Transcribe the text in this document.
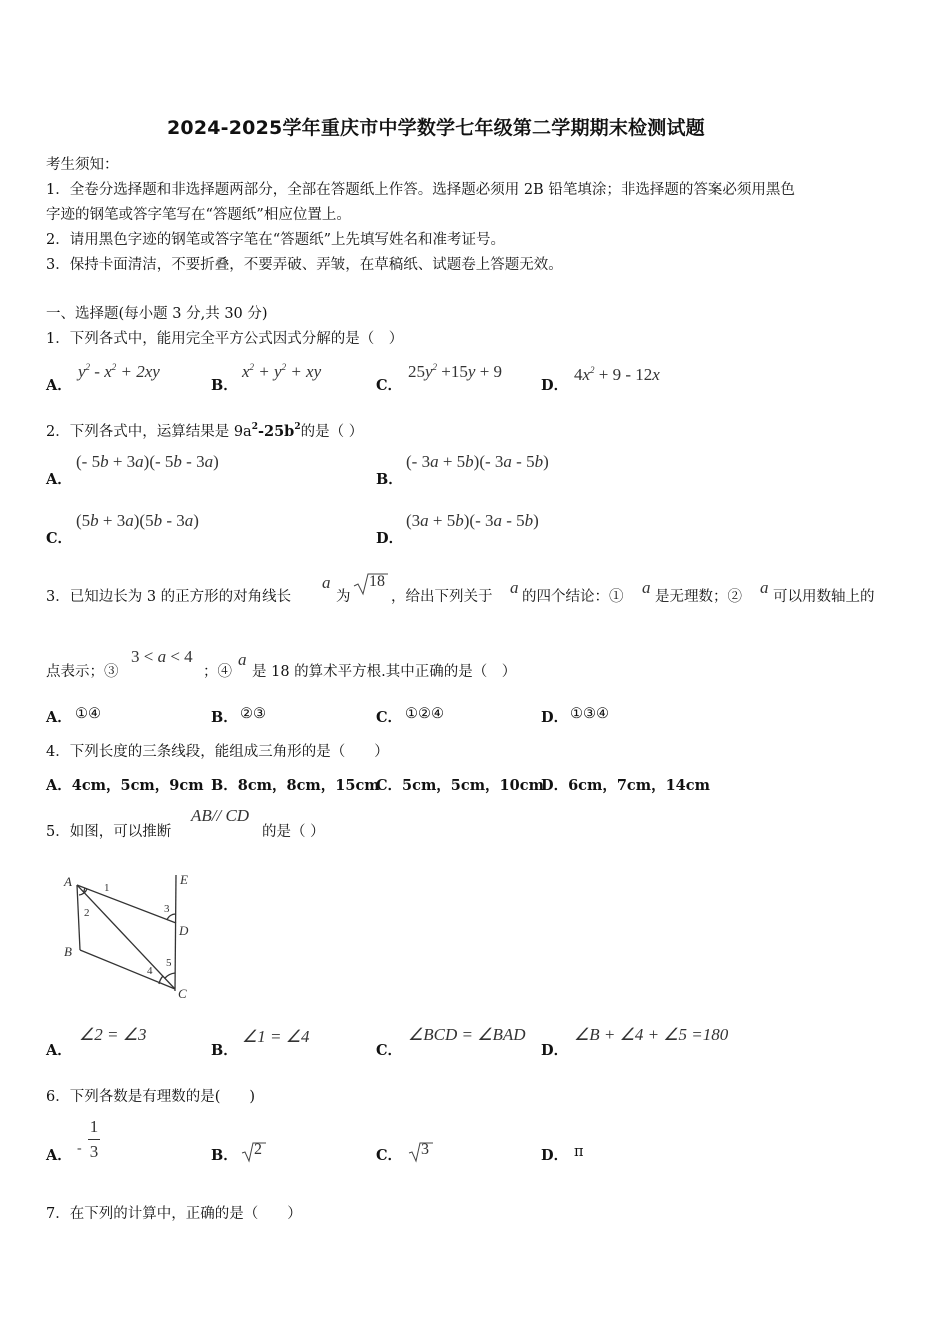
2024-2025学年重庆市中学数学七年级第二学期期末检测试题
考生须知：
1．全卷分选择题和非选择题两部分，全部在答题纸上作答。选择题必须用 2B 铅笔填涂；非选择题的答案必须用黑色
字迹的钢笔或答字笔写在“答题纸”相应位置上。
2．请用黑色字迹的钢笔或答字笔在“答题纸”上先填写姓名和准考证号。
3．保持卡面清洁，不要折叠，不要弄破、弄皱，在草稿纸、试题卷上答题无效。
一、选择题(每小题 3 分,共 30 分)
1．下列各式中，能用完全平方公式因式分解的是（　）
A．
$y^2 - x^2 + 2xy$
B．
$x^2 + y^2$ + xy
C．
$25y^2 +15y + 9$
D．
$4x^2 + 9 - 12x$
2．下列各式中，运算结果是 $9a^2-25b^2$的是（ ）
A．
(- 5b + 3a)(- 5b - 3a)
B．
(- 3a + 5b)(- 3a - 5b)
C．
(5b + 3a)(5b - 3a)
D．
(3a + 5b)(- 3a - 5b)
3．已知边长为 3 的正方形的对角线长
a
为
18
，给出下列关于 a 的四个结论：① a 是无理数；② a 可以用数轴上的
点表示；③
3 < a < 4
；④
a
是 18 的算术平方根.其中正确的是（　）
A． ①④	B． ②③	C． ①②④	D． ①③④
4．下列长度的三条线段，能组成三角形的是（　　）
A．4cm，5cm，9cm B．8cm，8cm，15cm
C．5cm，5cm，10cm
D．6cm，7cm，14cm
5．如图，可以推断
AB// CD
的是（ ）
A
B
C
D
E
1
2	3
4
5
A．
∠2 = ∠3
B．
∠1 = ∠4
C．
∠BCD = ∠BAD
D．
∠B + ∠4 + ∠5 =180
6．下列各数是有理数的是(　　)
A． - $\frac{1}{3}$	B． 2	C． 3	D． π
7．在下列的计算中，正确的是（　　）
